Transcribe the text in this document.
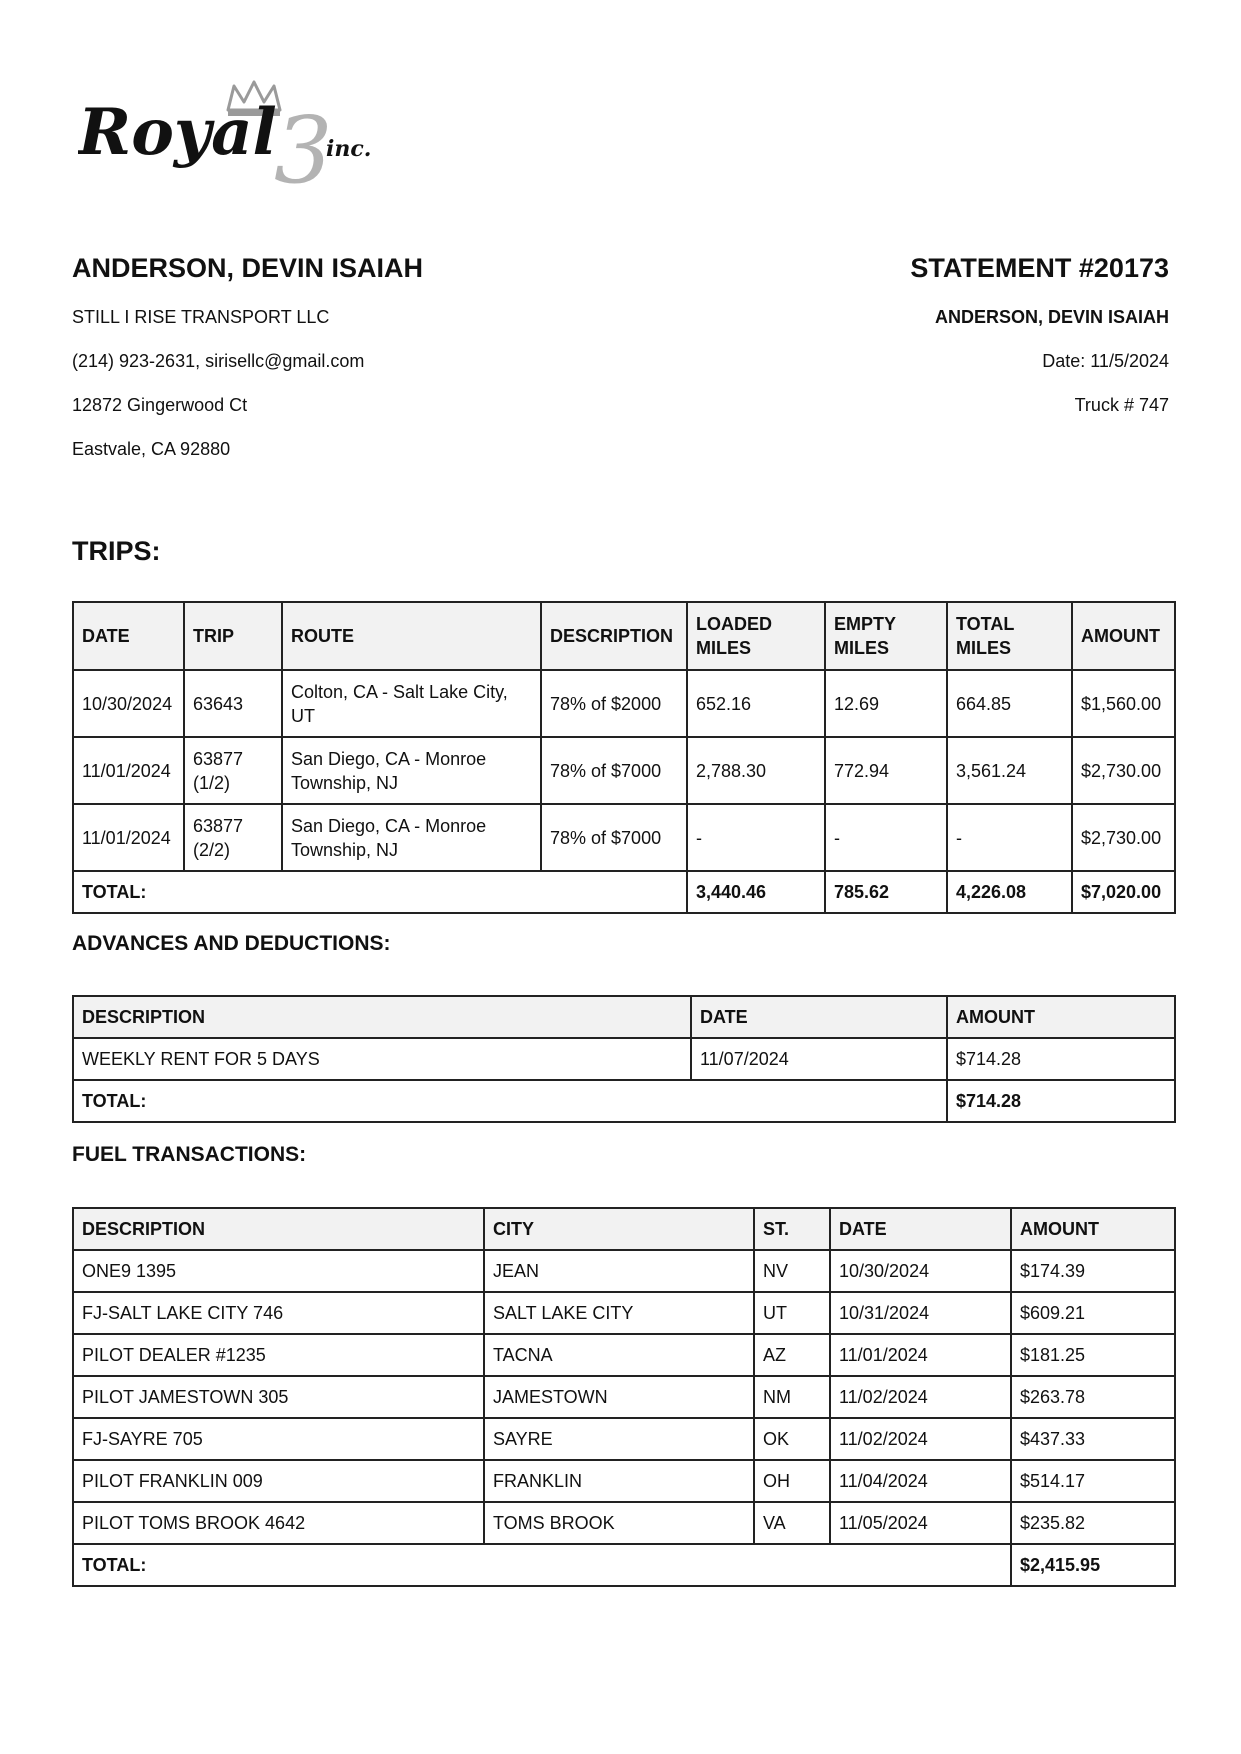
3
Royal inc.
ANDERSON, DEVIN ISAIAH
STILL I RISE TRANSPORT LLC
(214) 923-2631, sirisellc@gmail.com
12872 Gingerwood Ct
Eastvale, CA 92880
STATEMENT #20173
ANDERSON, DEVIN ISAIAH
Date: 11/5/2024
Truck # 747
TRIPS:
DATE	TRIP	ROUTE	DESCRIPTION	LOADED MILES	EMPTY MILES	TOTAL MILES	AMOUNT
10/30/2024	63643	Colton, CA - Salt Lake City, UT	78% of $2000	652.16	12.69	664.85	$1,560.00
11/01/2024	63877 (1/2)	San Diego, CA - Monroe Township, NJ	78% of $7000	2,788.30	772.94	3,561.24	$2,730.00
11/01/2024	63877 (2/2)	San Diego, CA - Monroe Township, NJ	78% of $7000	-	-	-	$2,730.00
TOTAL:				3,440.46	785.62	4,226.08	$7,020.00
ADVANCES AND DEDUCTIONS:
DESCRIPTION	DATE	AMOUNT
WEEKLY RENT FOR 5 DAYS	11/07/2024	$714.28
TOTAL:		$714.28
FUEL TRANSACTIONS:
DESCRIPTION	CITY	ST.	DATE	AMOUNT
ONE9 1395	JEAN	NV	10/30/2024	$174.39
FJ-SALT LAKE CITY 746	SALT LAKE CITY	UT	10/31/2024	$609.21
PILOT DEALER #1235	TACNA	AZ	11/01/2024	$181.25
PILOT JAMESTOWN 305	JAMESTOWN	NM	11/02/2024	$263.78
FJ-SAYRE 705	SAYRE	OK	11/02/2024	$437.33
PILOT FRANKLIN 009	FRANKLIN	OH	11/04/2024	$514.17
PILOT TOMS BROOK 4642	TOMS BROOK	VA	11/05/2024	$235.82
TOTAL:				$2,415.95
